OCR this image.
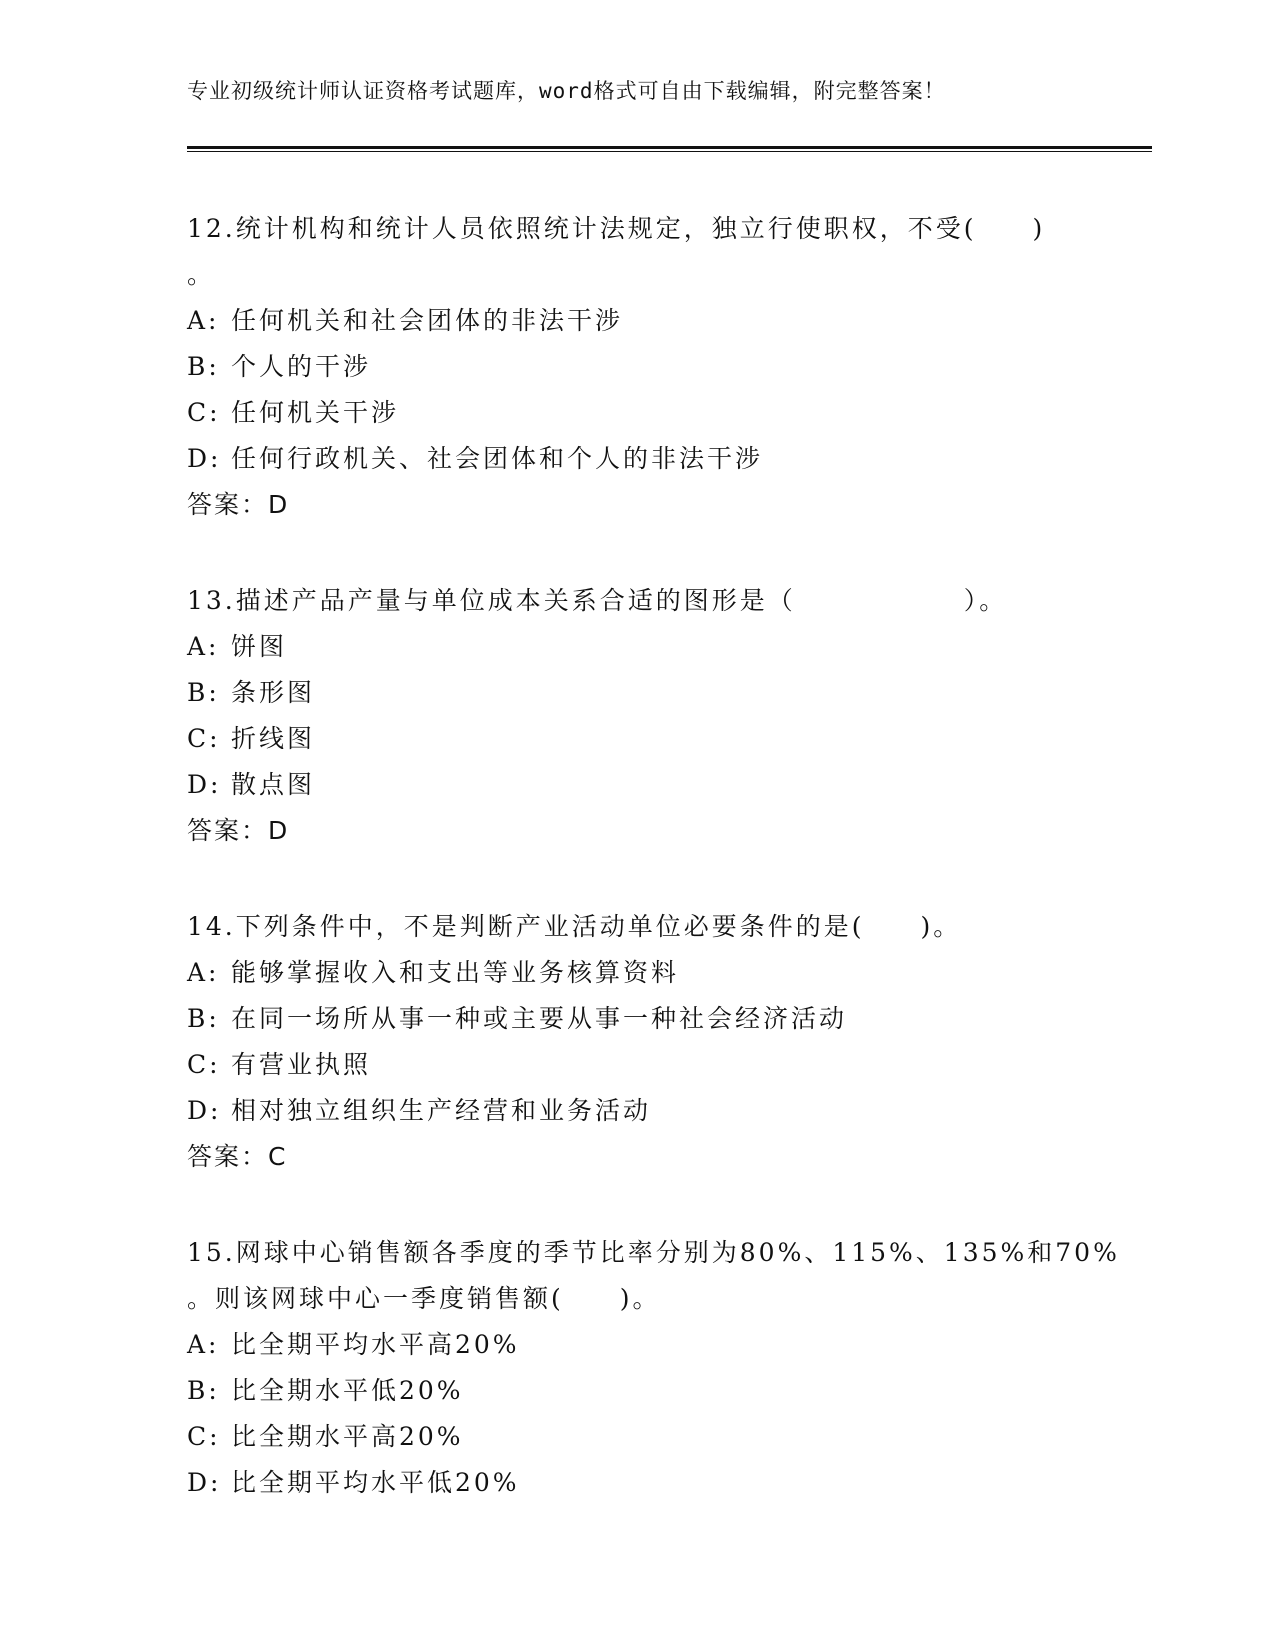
专业初级统计师认证资格考试题库，word格式可自由下载编辑，附完整答案！
12.统计机构和统计人员依照统计法规定，独立行使职权，不受(　　)
。
A: 任何机关和社会团体的非法干涉
B: 个人的干涉
C: 任何机关干涉
D: 任何行政机关、社会团体和个人的非法干涉
答案：D
13.描述产品产量与单位成本关系合适的图形是（　　　　　　）。
A: 饼图
B: 条形图
C: 折线图
D: 散点图
答案：D
14.下列条件中，不是判断产业活动单位必要条件的是(　　)。
A: 能够掌握收入和支出等业务核算资料
B: 在同一场所从事一种或主要从事一种社会经济活动
C: 有营业执照
D: 相对独立组织生产经营和业务活动
答案：C
15.网球中心销售额各季度的季节比率分别为80%、115%、135%和70%
。则该网球中心一季度销售额(　　)。
A: 比全期平均水平高20%
B: 比全期水平低20%
C: 比全期水平高20%
D: 比全期平均水平低20%
